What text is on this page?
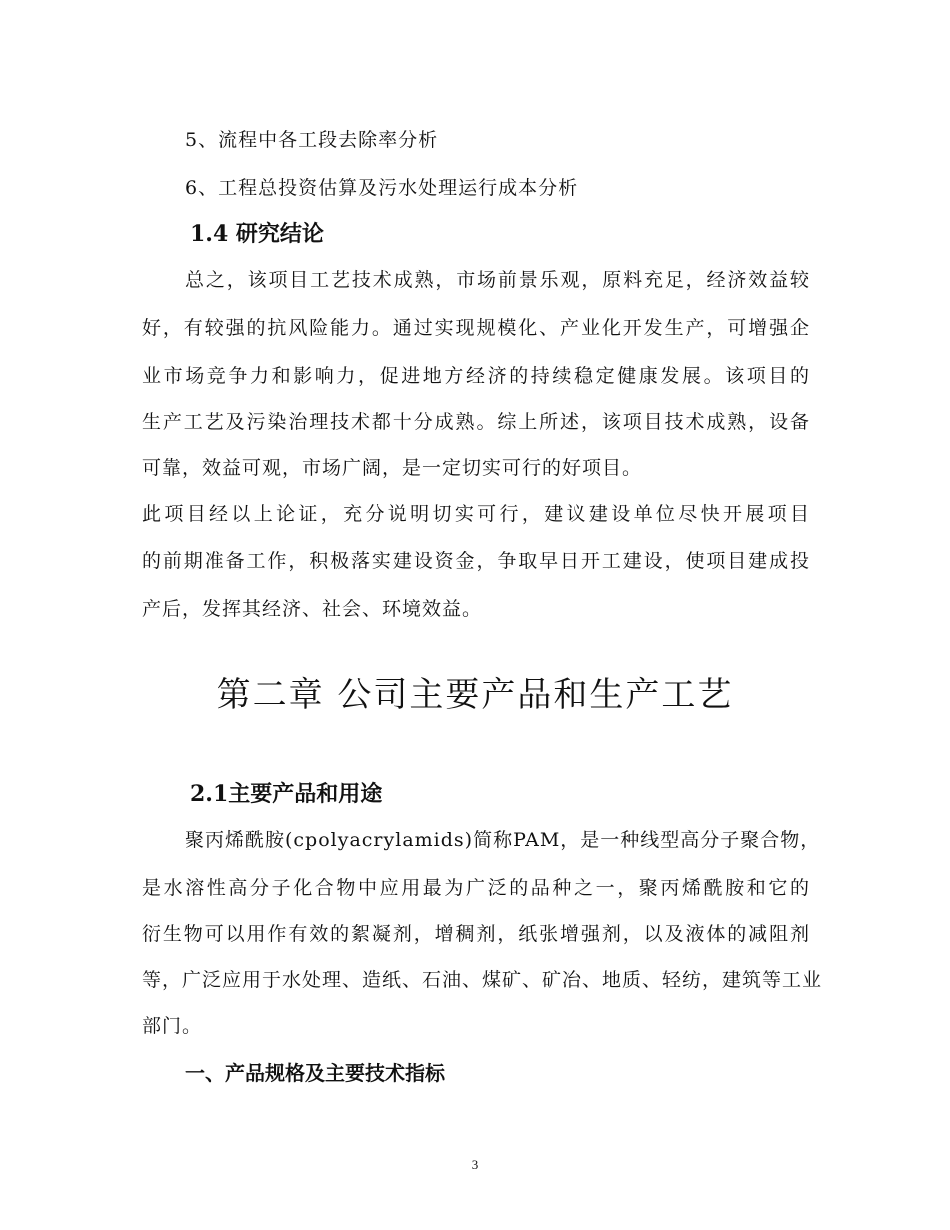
5、流程中各工段去除率分析
6、工程总投资估算及污水处理运行成本分析
1.4 研究结论
总之，该项目工艺技术成熟，市场前景乐观，原料充足，经济效益较
好，有较强的抗风险能力。通过实现规模化、产业化开发生产，可增强企
业市场竞争力和影响力，促进地方经济的持续稳定健康发展。该项目的
生产工艺及污染治理技术都十分成熟。综上所述，该项目技术成熟，设备
可靠，效益可观，市场广阔，是一定切实可行的好项目。
此项目经以上论证，充分说明切实可行，建议建设单位尽快开展项目
的前期准备工作，积极落实建设资金，争取早日开工建设，使项目建成投
产后，发挥其经济、社会、环境效益。
第二章 公司主要产品和生产工艺
2.1主要产品和用途
聚丙烯酰胺(cpolyacrylamids)简称PAM，是一种线型高分子聚合物，
是水溶性高分子化合物中应用最为广泛的品种之一，聚丙烯酰胺和它的
衍生物可以用作有效的絮凝剂，增稠剂，纸张增强剂，以及液体的减阻剂
等，广泛应用于水处理、造纸、石油、煤矿、矿冶、地质、轻纺，建筑等工业
部门。
一、产品规格及主要技术指标
3
